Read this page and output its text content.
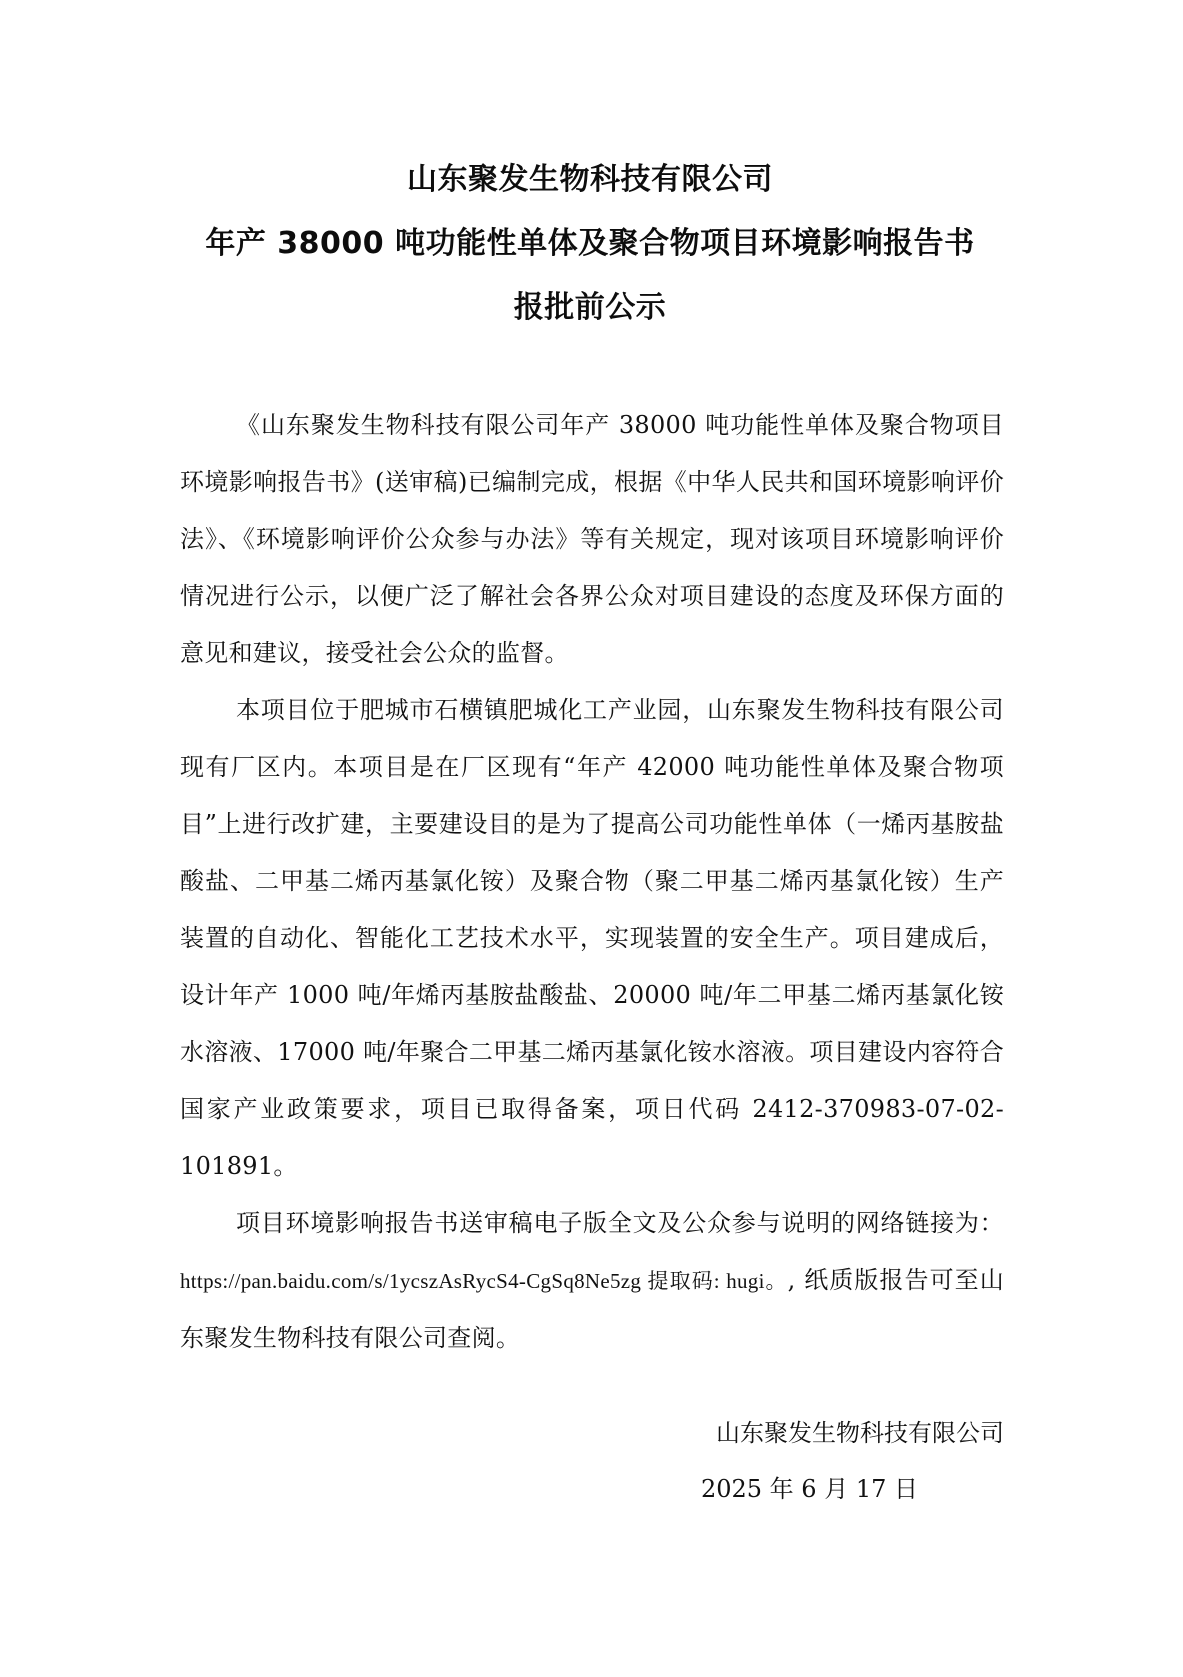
山东聚发生物科技有限公司
年产 38000 吨功能性单体及聚合物项目环境影响报告书
报批前公示

《山东聚发生物科技有限公司年产 38000 吨功能性单体及聚合物项目环境影响报告书》(送审稿)已编制完成，根据《中华人民共和国环境影响评价法》、《环境影响评价公众参与办法》等有关规定，现对该项目环境影响评价情况进行公示，以便广泛了解社会各界公众对项目建设的态度及环保方面的意见和建议，接受社会公众的监督。

本项目位于肥城市石横镇肥城化工产业园，山东聚发生物科技有限公司现有厂区内。本项目是在厂区现有“年产 42000 吨功能性单体及聚合物项目”上进行改扩建，主要建设目的是为了提高公司功能性单体（一烯丙基胺盐酸盐、二甲基二烯丙基氯化铵）及聚合物（聚二甲基二烯丙基氯化铵）生产装置的自动化、智能化工艺技术水平，实现装置的安全生产。项目建成后，设计年产 1000 吨/年烯丙基胺盐酸盐、20000 吨/年二甲基二烯丙基氯化铵水溶液、17000 吨/年聚合二甲基二烯丙基氯化铵水溶液。项目建设内容符合国家产业政策要求，项目已取得备案，项日代码 2412-370983-07-02-101891。

项目环境影响报告书送审稿电子版全文及公众参与说明的网络链接为：https://pan.baidu.com/s/1ycszAsRycS4-CgSq8Ne5zg 提取码: hugi。, 纸质版报告可至山东聚发生物科技有限公司查阅。

山东聚发生物科技有限公司
2025 年 6 月 17 日
